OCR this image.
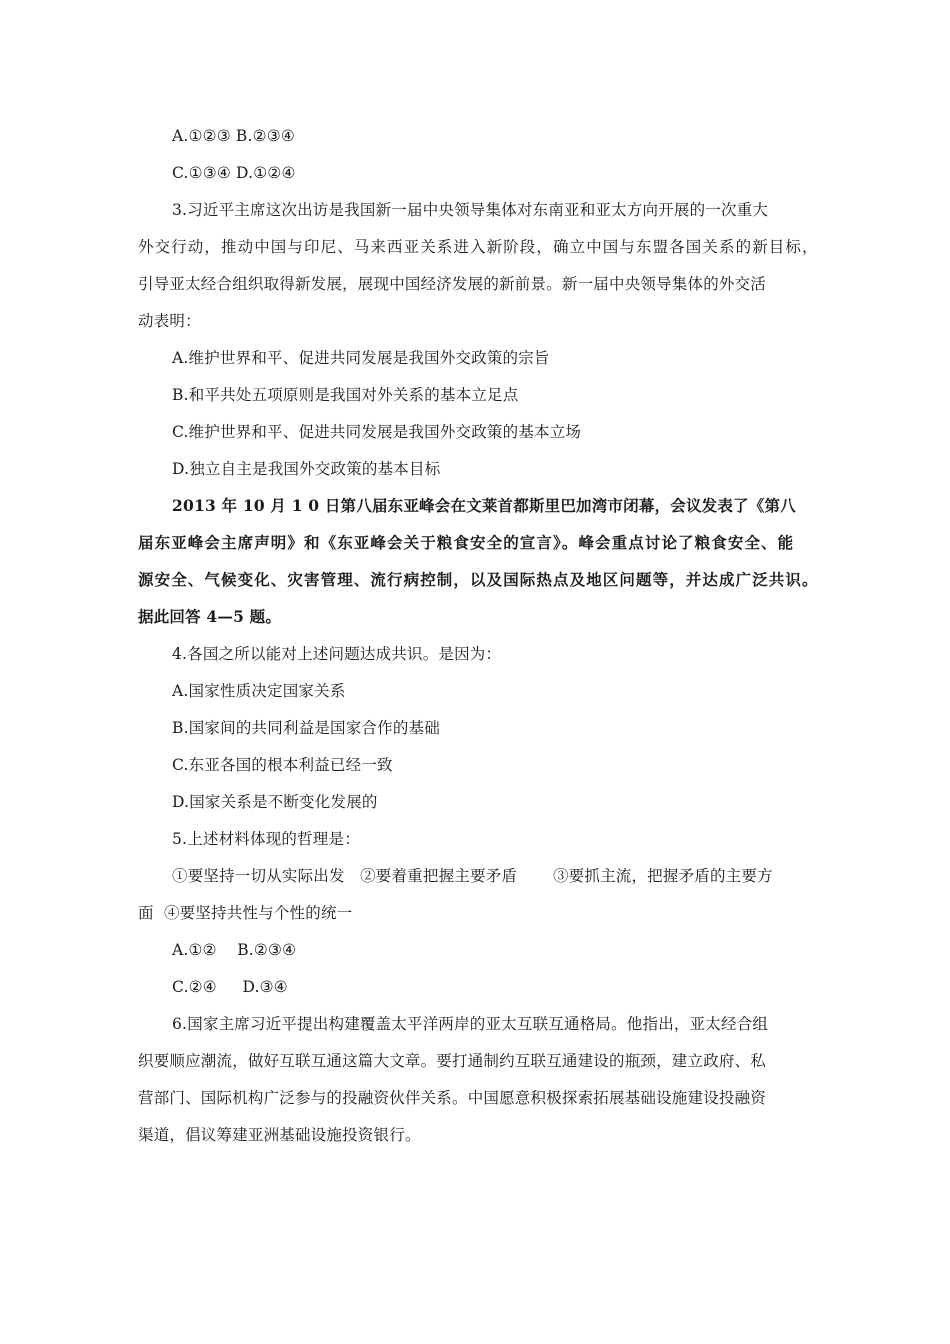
A.①②③ B.②③④
C.①③④ D.①②④
3.习近平主席这次出访是我国新一届中央领导集体对东南亚和亚太方向开展的一次重大
外交行动，推动中国与印尼、马来西亚关系进入新阶段，确立中国与东盟各国关系的新目标，
引导亚太经合组织取得新发展，展现中国经济发展的新前景。新一届中央领导集体的外交活
动表明：
A.维护世界和平、促进共同发展是我国外交政策的宗旨
B.和平共处五项原则是我国对外关系的基本立足点
C.维护世界和平、促进共同发展是我国外交政策的基本立场
D.独立自主是我国外交政策的基本目标
2013 年 10 月 1 0 日第八届东亚峰会在文莱首都斯里巴加湾市闭幕，会议发表了《第八
届东亚峰会主席声明》和《东亚峰会关于粮食安全的宣言》。峰会重点讨论了粮食安全、能
源安全、气候变化、灾害管理、流行病控制，以及国际热点及地区问题等，并达成广泛共识。
据此回答 4—5 题。
4.各国之所以能对上述问题达成共识。是因为：
A.国家性质决定国家关系
B.国家间的共同利益是国家合作的基础
C.东亚各国的根本利益已经一致
D.国家关系是不断变化发展的
5.上述材料体现的哲理是：
①要坚持一切从实际出发   ②要着重把握主要矛盾       ③要抓主流，把握矛盾的主要方
面  ④要坚持共性与个性的统一
A.①②    B.②③④
C.②④     D.③④
6.国家主席习近平提出构建覆盖太平洋两岸的亚太互联互通格局。他指出，亚太经合组
织要顺应潮流，做好互联互通这篇大文章。要打通制约互联互通建设的瓶颈，建立政府、私
营部门、国际机构广泛参与的投融资伙伴关系。中国愿意积极探索拓展基础设施建设投融资
渠道，倡议筹建亚洲基础设施投资银行。
